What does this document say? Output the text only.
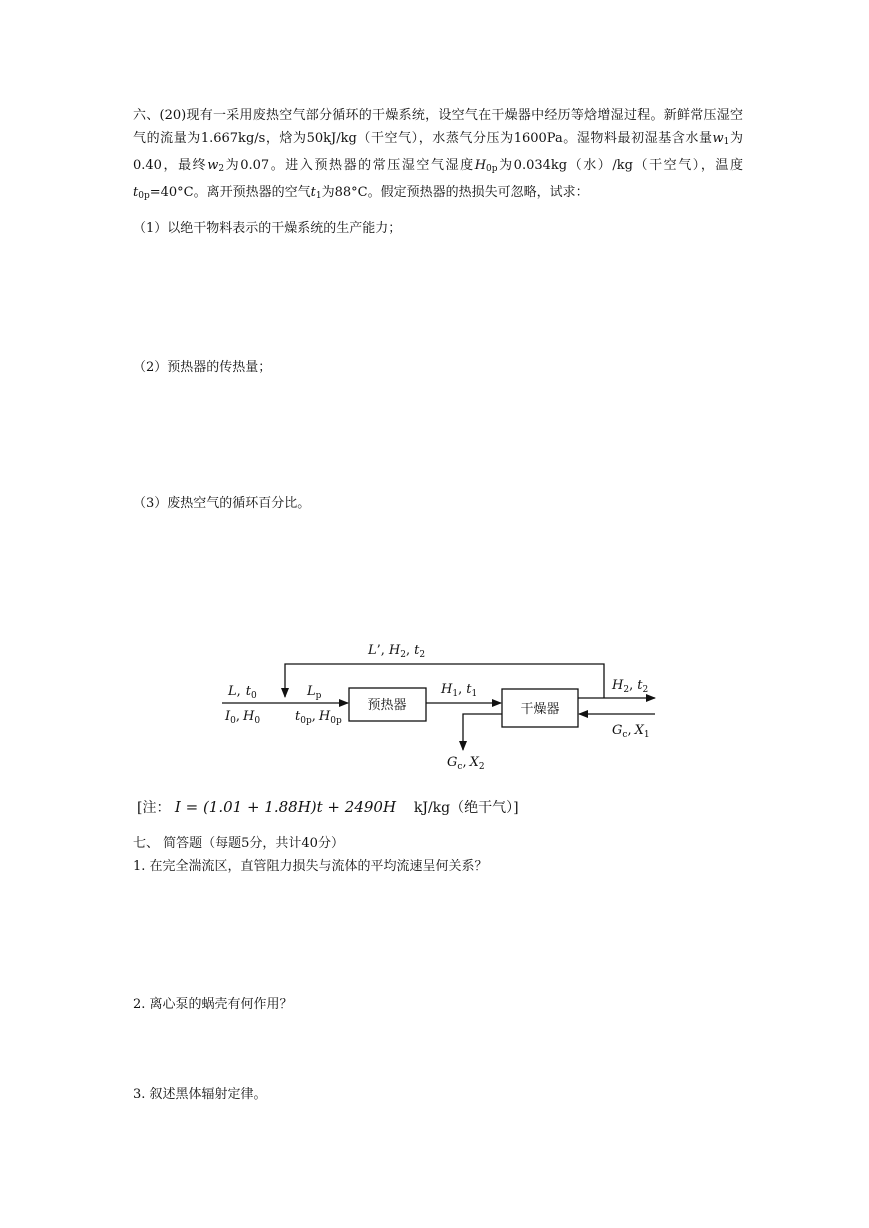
六、(20)现有一采用废热空气部分循环的干燥系统，设空气在干燥器中经历等焓增湿过程。新鲜常压湿空气的流量为1.667kg/s，焓为50kJ/kg（干空气），水蒸气分压为1600Pa。湿物料最初湿基含水量$w_1$为0.40，最终$w_2$为0.07。进入预热器的常压湿空气湿度$H_{0p}$为0.034kg（水）/kg（干空气），温度$t_{0p}=40^\circ C$。离开预热器的空气$t_1$为88°C。假定预热器的热损失可忽略，试求：

（1）以绝干物料表示的干燥系统的生产能力；

（2）预热器的传热量；

（3）废热空气的循环百分比。

L’, $H_2$, $t_2$
L, $t_0$
$I_0$, $H_0$
$L_p$
$t_{0p}$, $H_{0p}$
预热器
$H_1$, $t_1$
干燥器
$H_2$, $t_2$
$G_c$, $X_1$
$G_c$, $X_2$
[注： I = (1.01 + 1.88H)t + 2490H kJ/kg（绝干气）]

七、 简答题（每题5分，共计40分）

1. 在完全湍流区，直管阻力损失与流体的平均流速呈何关系？

2. 离心泵的蜗壳有何作用？

3. 叙述黑体辐射定律。
